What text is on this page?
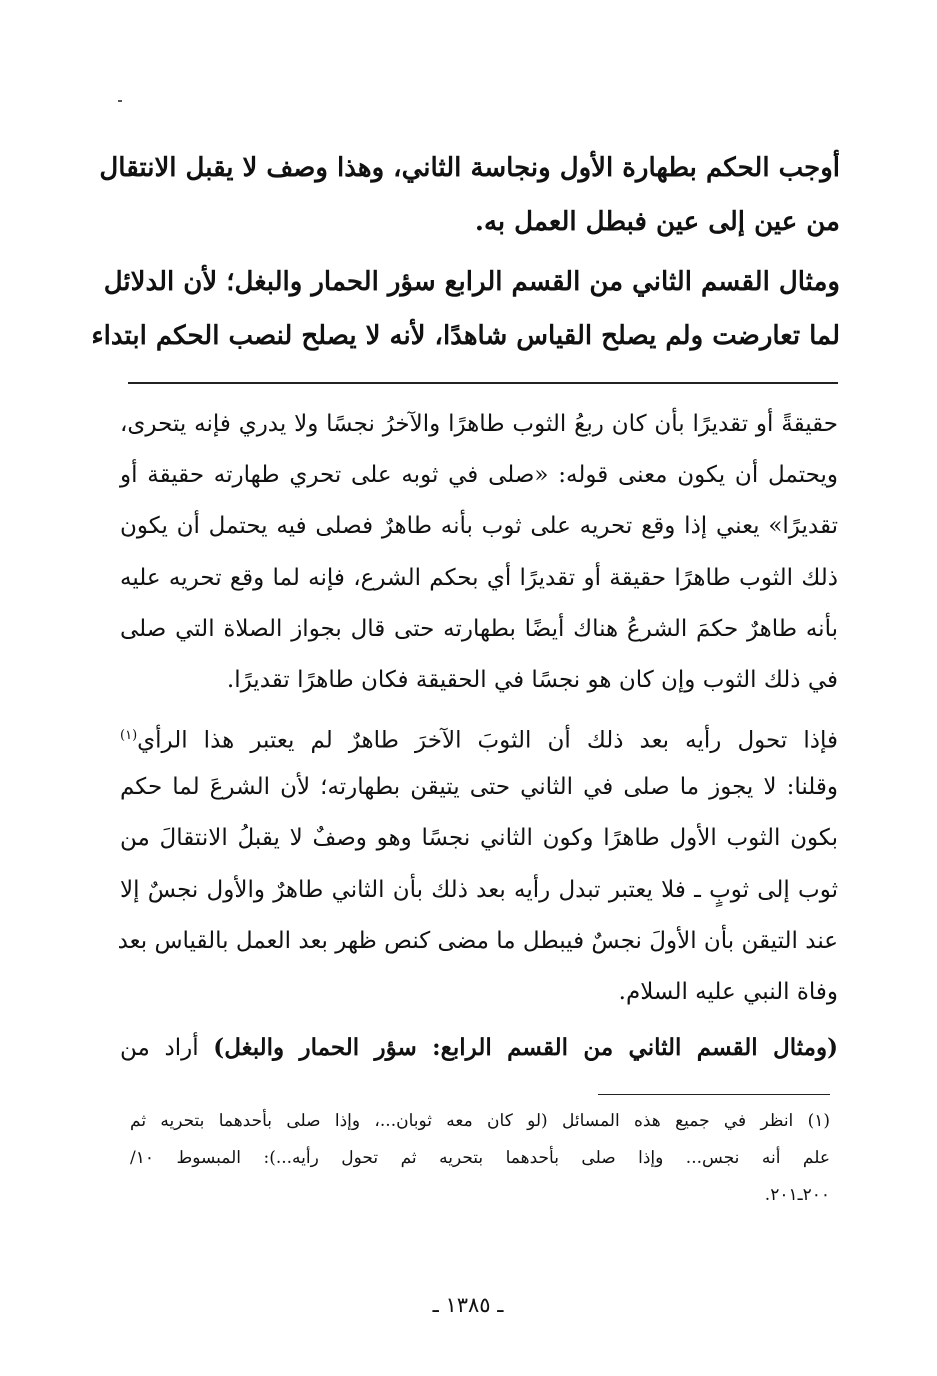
أوجب الحكم بطهارة الأول ونجاسة الثاني، وهذا وصف لا يقبل الانتقال
من عين إلى عين فبطل العمل به.
ومثال القسم الثاني من القسم الرابع سؤر الحمار والبغل؛ لأن الدلائل
لما تعارضت ولم يصلح القياس شاهدًا، لأنه لا يصلح لنصب الحكم ابتداء
حقيقةً أو تقديرًا بأن كان ربعُ الثوب طاهرًا والآخرُ نجسًا ولا يدري فإنه يتحرى،
ويحتمل أن يكون معنى قوله: «صلى في ثوبه على تحري طهارته حقيقة أو
تقديرًا» يعني إذا وقع تحريه على ثوب بأنه طاهرٌ فصلى فيه يحتمل أن يكون
ذلك الثوب طاهرًا حقيقة أو تقديرًا أي بحكم الشرع، فإنه لما وقع تحريه عليه
بأنه طاهرٌ حكمَ الشرعُ هناك أيضًا بطهارته حتى قال بجواز الصلاة التي صلى
في ذلك الثوب وإن كان هو نجسًا في الحقيقة فكان طاهرًا تقديرًا.
فإذا تحول رأيه بعد ذلك أن الثوبَ الآخرَ طاهرٌ لم يعتبر هذا الرأي$^{(١)}$
وقلنا: لا يجوز ما صلى في الثاني حتى يتيقن بطهارته؛ لأن الشرعَ لما حكم
بكون الثوب الأول طاهرًا وكون الثاني نجسًا وهو وصفٌ لا يقبلُ الانتقالَ من
ثوب إلى ثوبٍ ـ فلا يعتبر تبدل رأيه بعد ذلك بأن الثاني طاهرٌ والأول نجسٌ إلا
عند التيقن بأن الأولَ نجسٌ فيبطل ما مضى كنص ظهر بعد العمل بالقياس بعد
وفاة النبي عليه السلام.
(ومثال القسم الثاني من القسم الرابع: سؤر الحمار والبغل) أراد من
(١) انظر في جميع هذه المسائل (لو كان معه ثوبان...، وإذا صلى بأحدهما بتحريه ثم
علم أنه نجس... وإذا صلى بأحدهما بتحريه ثم تحول رأيه...): المبسوط ١٠/
٢٠٠ـ٢٠١.
ـ ١٣٨٥ ـ
